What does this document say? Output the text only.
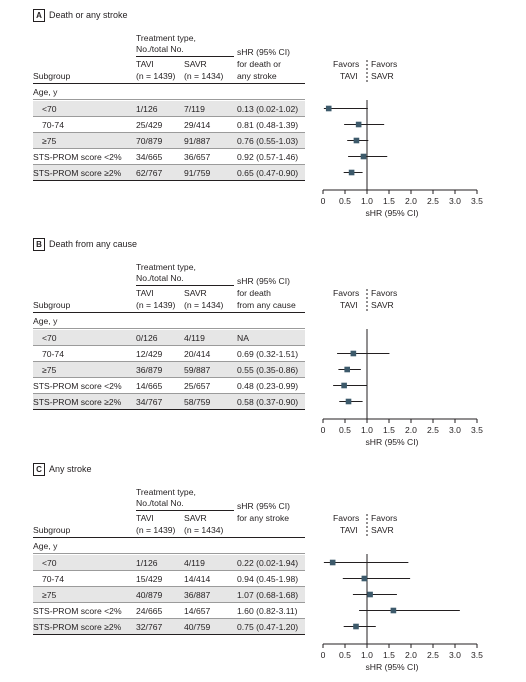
A Death or any stroke
Treatment type,
No./total No.
TAVI	SAVR
(n = 1439) (n = 1434)
Subgroup
sHR (95% CI)
for death or
any stroke
Age, y
<70	1/126	7/119	0.13 (0.02-1.02)
70-74	25/429	29/414	0.81 (0.48-1.39)
≥75	70/879	91/887	0.76 (0.55-1.03)
STS-PROM score <2% 34/665	36/657	0.92 (0.57-1.46)
STS-PROM score ≥2% 62/767	91/759	0.65 (0.47-0.90)
Favors
TAVI
Favors
SAVR
0 0.5 1.0 1.5 2.0 2.5 3.0 3.5
sHR (95% CI)
B Death from any cause
Treatment type,
No./total No.
TAVI	SAVR
(n = 1439) (n = 1434)
Subgroup
sHR (95% CI)
for death
from any cause
Age, y
<70	0/126	4/119	NA
70-74	12/429	20/414	0.69 (0.32-1.51)
≥75	36/879	59/887	0.55 (0.35-0.86)
STS-PROM score <2% 14/665	25/657	0.48 (0.23-0.99)
STS-PROM score ≥2% 34/767	58/759	0.58 (0.37-0.90)
Favors
TAVI
Favors
SAVR
0 0.5 1.0 1.5 2.0 2.5 3.0 3.5
sHR (95% CI)
C Any stroke
Treatment type,
No./total No.
TAVI	SAVR
(n = 1439) (n = 1434)
Subgroup
sHR (95% CI)
for any stroke
Age, y
<70	1/126	4/119	0.22 (0.02-1.94)
70-74	15/429	14/414	0.94 (0.45-1.98)
≥75	40/879	36/887	1.07 (0.68-1.68)
STS-PROM score <2% 24/665	14/657	1.60 (0.82-3.11)
STS-PROM score ≥2% 32/767	40/759	0.75 (0.47-1.20)
Favors
TAVI
Favors
SAVR
0 0.5 1.0 1.5 2.0 2.5 3.0 3.5
sHR (95% CI)
